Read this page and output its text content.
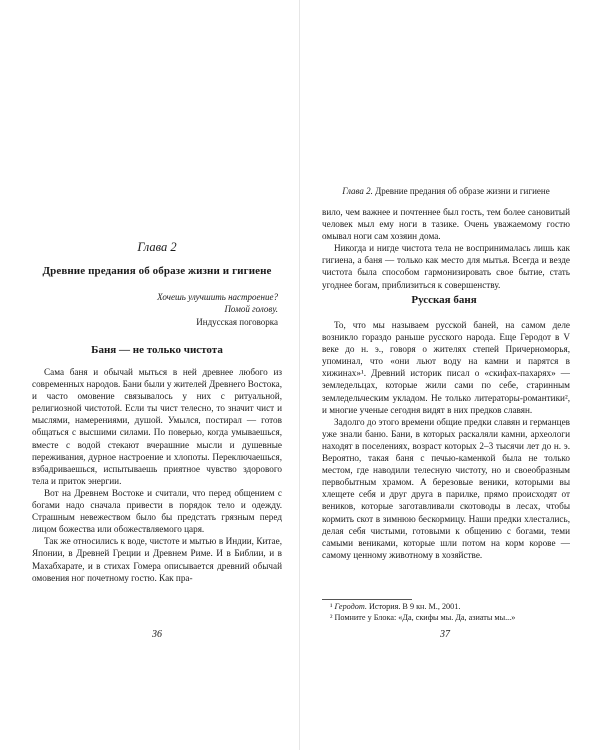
Глава 2
Древние предания об образе жизни и гигиене
Хочешь улучшить настроение?
Помой голову.
Индусская поговорка
Баня — не только чистота

Сама баня и обычай мыться в ней древнее любого из современных народов. Бани были у жителей Древнего Востока, и часто омовение связывалось у них с ритуальной, религиозной чистотой. Если ты чист телесно, то значит чист и мыслями, намерениями, душой. Умылся, постирал — готов общаться с высшими силами. По поверью, когда умываешься, вместе с водой стекают вчерашние мысли и душевные переживания, дурное настроение и хлопоты. Переключаешься, взбадриваешься, испытываешь приятное чувство здорового тела и приток энергии.

Вот на Древнем Востоке и считали, что перед общением с богами надо сначала привести в порядок тело и одежду. Страшным невежеством было бы предстать грязным перед лицом божества или обожествляемого царя.

Так же относились к воде, чистоте и мытью в Индии, Китае, Японии, в Древней Греции и Древнем Риме. И в Библии, и в Махабхарате, и в стихах Гомера описывается древний обычай омовения ног почетному гостю. Как пра-

36
Глава 2. Древние предания об образе жизни и гигиене

вило, чем важнее и почтеннее был гость, тем более сановитый человек мыл ему ноги в тазике. Очень уважаемому гостю омывал ноги сам хозяин дома.

Никогда и нигде чистота тела не воспринималась лишь как гигиена, а баня — только как место для мытья. Всегда и везде чистота была способом гармонизировать свое бытие, стать угоднее богам, приблизиться к совершенству.

Русская баня

То, что мы называем русской баней, на самом деле возникло гораздо раньше русского народа. Еще Геродот в V веке до н. э., говоря о жителях степей Причерноморья, упоминал, что «они льют воду на камни и парятся в хижинах»¹. Древний историк писал о «скифах-пахарях» — земледельцах, которые жили сами по себе, старинным земледельческим укладом. Не только литераторы-романтики², и многие ученые сегодня видят в них предков славян.

Задолго до этого времени общие предки славян и германцев уже знали баню. Бани, в которых раскаляли камни, археологи находят в поселениях, возраст которых 2–3 тысячи лет до н. э. Вероятно, такая баня с печью-каменкой была не только местом, где наводили телесную чистоту, но и своеобразным первобытным храмом. А березовые веники, которыми вы хлещете себя и друг друга в парилке, прямо происходят от веников, которые заготавливали скотоводы в лесах, чтобы кормить скот в зимнюю бескормицу. Наши предки хлестались, делая себя чистыми, готовыми к общению с богами, теми самыми вениками, которые шли потом на корм корове — самому ценному животному в хозяйстве.

¹ Геродот. История. В 9 кн. М., 2001.
² Помните у Блока: «Да, скифы мы. Да, азиаты мы...»
37
